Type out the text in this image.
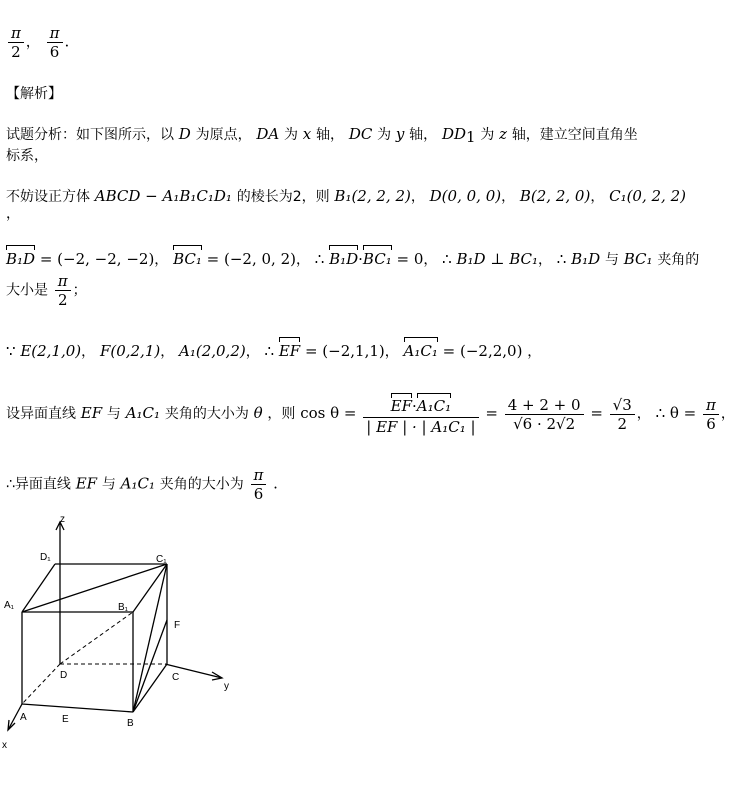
$\frac{\pi}{2}$ ， $\frac{\pi}{6}$ .
【解析】
试题分析：如下图所示，以 D 为原点， DA 为 x 轴， DC 为 y 轴， $DD_1$ 为 z 轴，建立空间直角坐
标系，
不妨设正方体 ABCD − A₁B₁C₁D₁ 的棱长为2，则 B₁(2, 2, 2)， D(0, 0, 0)， B(2, 2, 0)， C₁(0, 2, 2)
，
B₁D = (−2, −2, −2)， BC₁ = (−2, 0, 2)， ∴ B₁D·BC₁ = 0， ∴ B₁D ⊥ BC₁， ∴ B₁D 与 BC₁ 夹角的
大小是 $\frac{\pi}{2}$ ；
∵ E(2,1,0)， F(0,2,1)， A₁(2,0,2)， ∴ EF = (−2,1,1)， A₁C₁ = (−2,2,0) ，
设异面直线 EF 与 A₁C₁ 夹角的大小为 θ ，则 $\cos \theta = \frac{\text{EF·A₁C₁}}{\text{| EF | · | A₁C₁ |}} = \frac{4 + 2 + 0}{√6 \cdot 2√2} = \frac{√3}{2}$ ， ∴ $\theta = \frac{\pi}{6}$ ，
∴异面直线 EF 与 A₁C₁ 夹角的大小为 $\frac{\pi}{6}$ .
z
y
x
D₁	C₁
A₁	B₁
F
D	C
A	E	B
